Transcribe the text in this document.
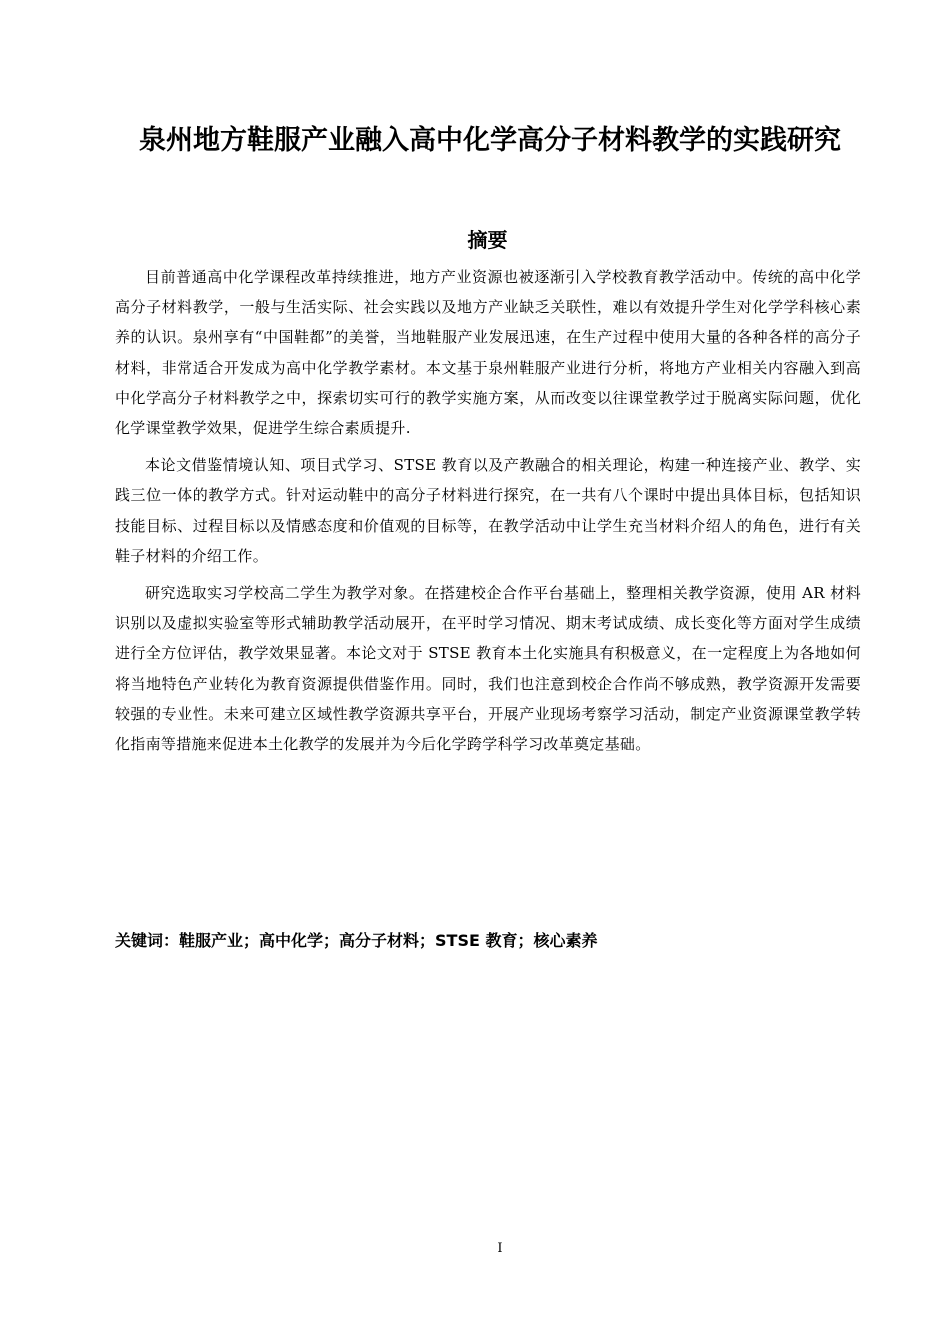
泉州地方鞋服产业融入高中化学高分子材料教学的实践研究
摘要

目前普通高中化学课程改革持续推进，地方产业资源也被逐渐引入学校教育教学活动中。传统的高中化学高分子材料教学，一般与生活实际、社会实践以及地方产业缺乏关联性，难以有效提升学生对化学学科核心素养的认识。泉州享有“中国鞋都”的美誉，当地鞋服产业发展迅速，在生产过程中使用大量的各种各样的高分子材料，非常适合开发成为高中化学教学素材。本文基于泉州鞋服产业进行分析，将地方产业相关内容融入到高中化学高分子材料教学之中，探索切实可行的教学实施方案，从而改变以往课堂教学过于脱离实际问题，优化化学课堂教学效果，促进学生综合素质提升.

本论文借鉴情境认知、项目式学习、STSE 教育以及产教融合的相关理论，构建一种连接产业、教学、实践三位一体的教学方式。针对运动鞋中的高分子材料进行探究，在一共有八个课时中提出具体目标，包括知识技能目标、过程目标以及情感态度和价值观的目标等，在教学活动中让学生充当材料介绍人的角色，进行有关鞋子材料的介绍工作。

研究选取实习学校高二学生为教学对象。在搭建校企合作平台基础上，整理相关教学资源，使用 AR 材料识别以及虚拟实验室等形式辅助教学活动展开，在平时学习情况、期末考试成绩、成长变化等方面对学生成绩进行全方位评估，教学效果显著。本论文对于 STSE 教育本土化实施具有积极意义，在一定程度上为各地如何将当地特色产业转化为教育资源提供借鉴作用。同时，我们也注意到校企合作尚不够成熟，教学资源开发需要较强的专业性。未来可建立区域性教学资源共享平台，开展产业现场考察学习活动，制定产业资源课堂教学转化指南等措施来促进本土化教学的发展并为今后化学跨学科学习改革奠定基础。

关键词：鞋服产业；高中化学；高分子材料；STSE 教育；核心素养

I
